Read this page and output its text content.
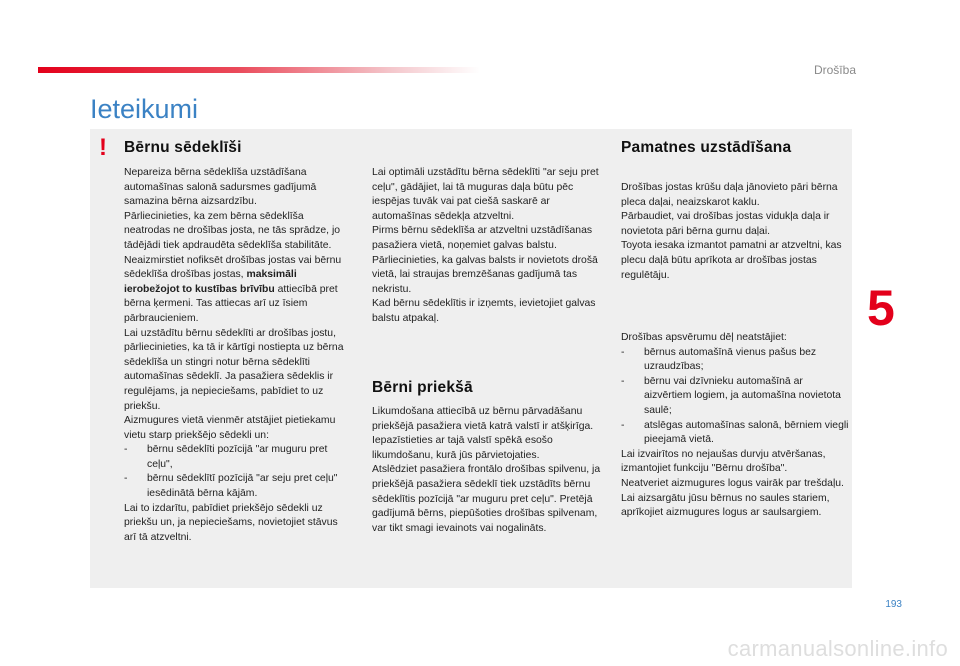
Drošība
Ieteikumi
! Bērnu sēdeklīši

Nepareiza bērna sēdeklīša uzstādīšana automašīnas salonā sadursmes gadījumā samazina bērna aizsardzību.

Pārliecinieties, ka zem bērna sēdeklīša neatrodas ne drošības josta, ne tās sprādze, jo tādējādi tiek apdraudēta sēdeklīša stabilitāte.

Neaizmirstiet nofiksēt drošības jostas vai bērnu sēdeklīša drošības jostas, maksimāli ierobežojot to kustības brīvību attiecībā pret bērna ķermeni. Tas attiecas arī uz īsiem pārbraucieniem.

Lai uzstādītu bērnu sēdeklīti ar drošības jostu, pārliecinieties, ka tā ir kārtīgi nostiepta uz bērna sēdeklīša un stingri notur bērna sēdeklīti automašīnas sēdeklī. Ja pasažiera sēdeklis ir regulējams, ja nepieciešams, pabīdiet to uz priekšu.

Aizmugures vietā vienmēr atstājiet pietiekamu vietu starp priekšējo sēdekli un:

-	bērnu sēdeklīti pozīcijā "ar muguru pret ceļu",
-	bērnu sēdeklītī pozīcijā "ar seju pret ceļu" iesēdinātā bērna kājām.

Lai to izdarītu, pabīdiet priekšējo sēdekli uz priekšu un, ja nepieciešams, novietojiet stāvus arī tā atzveltni.

Lai optimāli uzstādītu bērna sēdeklīti "ar seju pret ceļu", gādājiet, lai tā muguras daļa būtu pēc iespējas tuvāk vai pat ciešā saskarē ar automašīnas sēdekļa atzveltni.

Pirms bērnu sēdeklīša ar atzveltni uzstādīšanas pasažiera vietā, noņemiet galvas balstu.

Pārliecinieties, ka galvas balsts ir novietots drošā vietā, lai straujas bremzēšanas gadījumā tas nekristu.

Kad bērnu sēdeklītis ir izņemts, ievietojiet galvas balstu atpakaļ.

Bērni priekšā

Likumdošana attiecībā uz bērnu pārvadāšanu priekšējā pasažiera vietā katrā valstī ir atšķirīga. Iepazīstieties ar tajā valstī spēkā esošo likumdošanu, kurā jūs pārvietojaties.

Atslēdziet pasažiera frontālo drošības spilvenu, ja priekšējā pasažiera sēdeklī tiek uzstādīts bērnu sēdeklītis pozīcijā "ar muguru pret ceļu". Pretējā gadījumā bērns, piepūšoties drošības spilvenam, var tikt smagi ievainots vai nogalināts.

Pamatnes uzstādīšana

Drošības jostas krūšu daļa jānovieto pāri bērna pleca daļai, neaizskarot kaklu.

Pārbaudiet, vai drošības jostas vidukļa daļa ir novietota pāri bērna gurnu daļai.

Toyota iesaka izmantot pamatni ar atzveltni, kas plecu daļā būtu aprīkota ar drošības jostas regulētāju.

Drošības apsvērumu dēļ neatstājiet:

-	bērnus automašīnā vienus pašus bez uzraudzības;
-	bērnu vai dzīvnieku automašīnā ar aizvērtiem logiem, ja automašīna novietota saulē;
-	atslēgas automašīnas salonā, bērniem viegli pieejamā vietā.

Lai izvairītos no nejaušas durvju atvēršanas, izmantojiet funkciju "Bērnu drošība".

Neatveriet aizmugures logus vairāk par trešdaļu.

Lai aizsargātu jūsu bērnus no saules stariem, aprīkojiet aizmugures logus ar saulsargiem.

5
193
carmanualsonline.info
